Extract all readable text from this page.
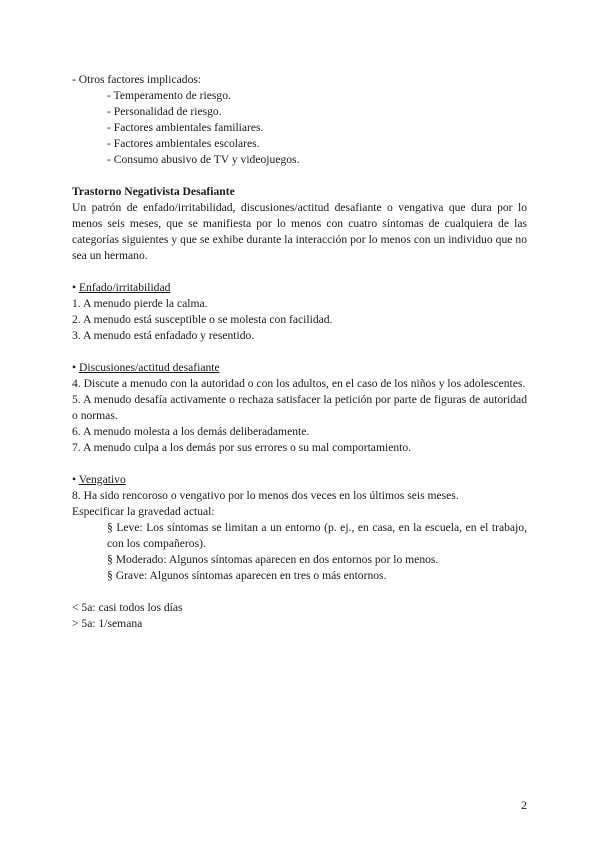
- Otros factores implicados:

- Temperamento de riesgo.

- Personalidad de riesgo.

- Factores ambientales familiares.

- Factores ambientales escolares.

- Consumo abusivo de TV y videojuegos.

Trastorno Negativista Desafiante

Un patrón de enfado/irritabilidad, discusiones/actitud desafiante o vengativa que dura por lo menos seis meses, que se manifiesta por lo menos con cuatro síntomas de cualquiera de las categorías siguientes y que se exhibe durante la interacción por lo menos con un individuo que no sea un hermano.

• Enfado/irritabilidad

1. A menudo pierde la calma.

2. A menudo está susceptible o se molesta con facilidad.

3. A menudo está enfadado y resentido.

• Discusiones/actitud desafiante

4. Discute a menudo con la autoridad o con los adultos, en el caso de los niños y los adolescentes.

5. A menudo desafía activamente o rechaza satisfacer la petición por parte de figuras de autoridad o normas.

6. A menudo molesta a los demás deliberadamente.

7. A menudo culpa a los demás por sus errores o su mal comportamiento.

• Vengativo

8. Ha sido rencoroso o vengativo por lo menos dos veces en los últimos seis meses.

Especificar la gravedad actual:

§ Leve: Los síntomas se limitan a un entorno (p. ej., en casa, en la escuela, en el trabajo, con los compañeros).

§ Moderado: Algunos síntomas aparecen en dos entornos por lo menos.

§ Grave: Algunos síntomas aparecen en tres o más entornos.

< 5a: casi todos los días

> 5a: 1/semana

2
